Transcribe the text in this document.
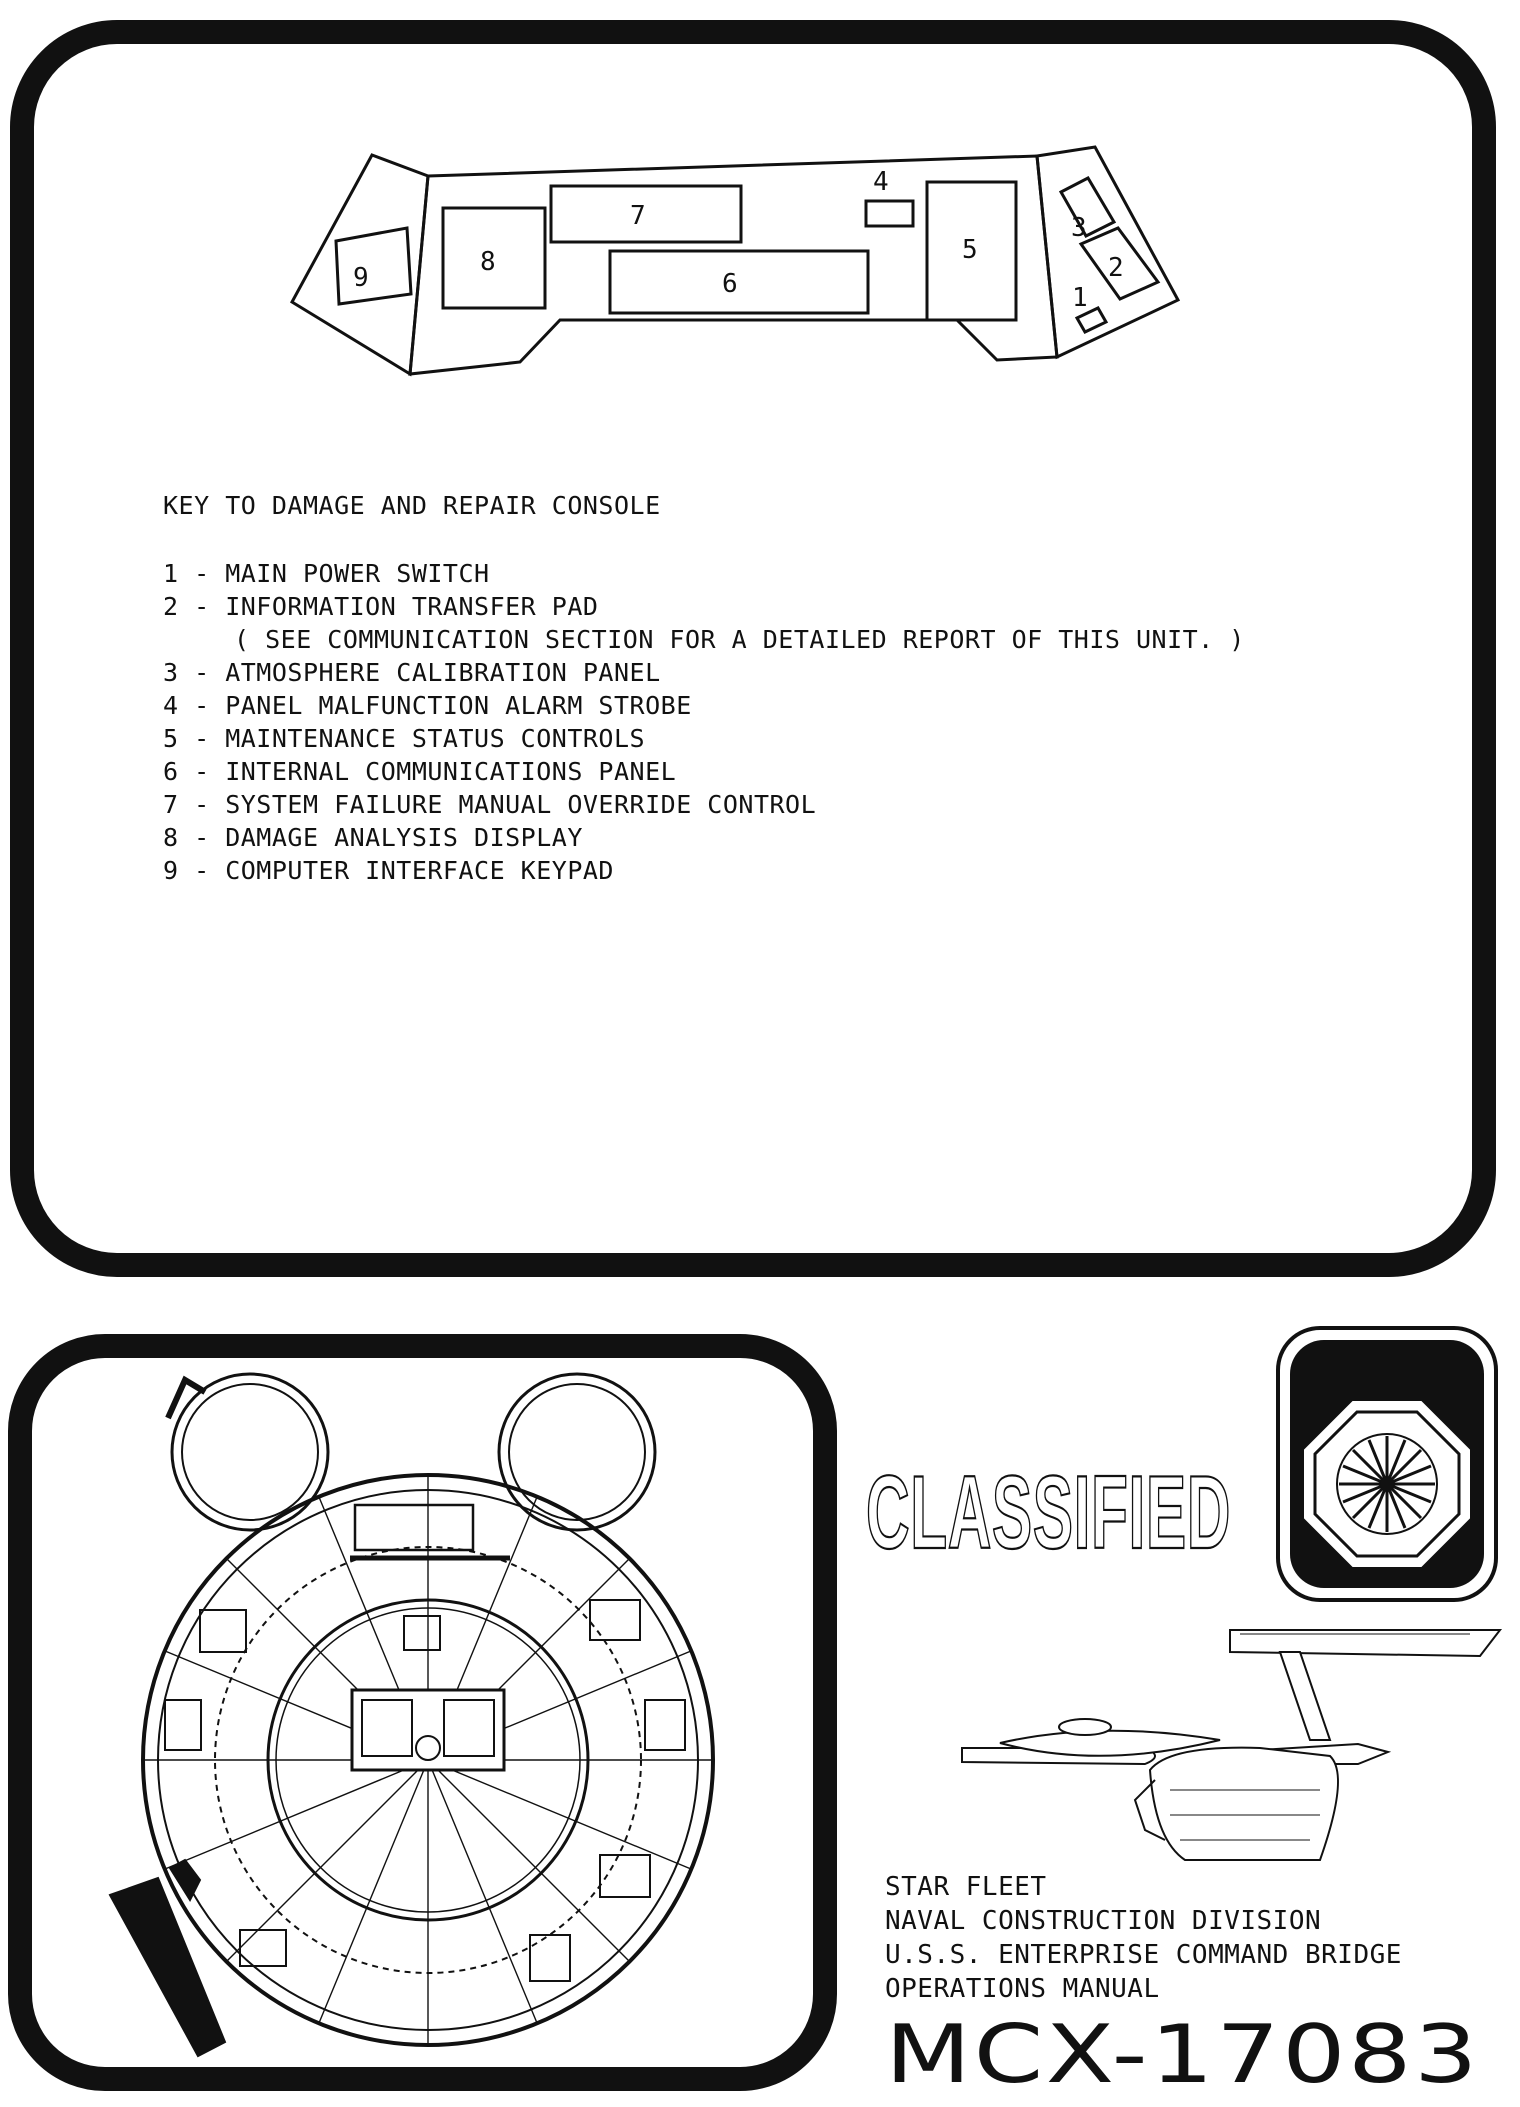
3
2
1
4
5
6
7
8
9
KEY TO DAMAGE AND REPAIR CONSOLE
1 - MAIN POWER SWITCH
2 - INFORMATION TRANSFER PAD
( SEE COMMUNICATION SECTION FOR A DETAILED REPORT OF THIS UNIT. )
3 - ATMOSPHERE CALIBRATION PANEL
4 - PANEL MALFUNCTION ALARM STROBE
5 - MAINTENANCE STATUS CONTROLS
6 - INTERNAL COMMUNICATIONS PANEL
7 - SYSTEM FAILURE MANUAL OVERRIDE CONTROL
8 - DAMAGE ANALYSIS DISPLAY
9 - COMPUTER INTERFACE KEYPAD
CLASSIFIED
STAR FLEET
NAVAL CONSTRUCTION DIVISION
U.S.S. ENTERPRISE COMMAND BRIDGE
OPERATIONS MANUAL
MCX-17083
